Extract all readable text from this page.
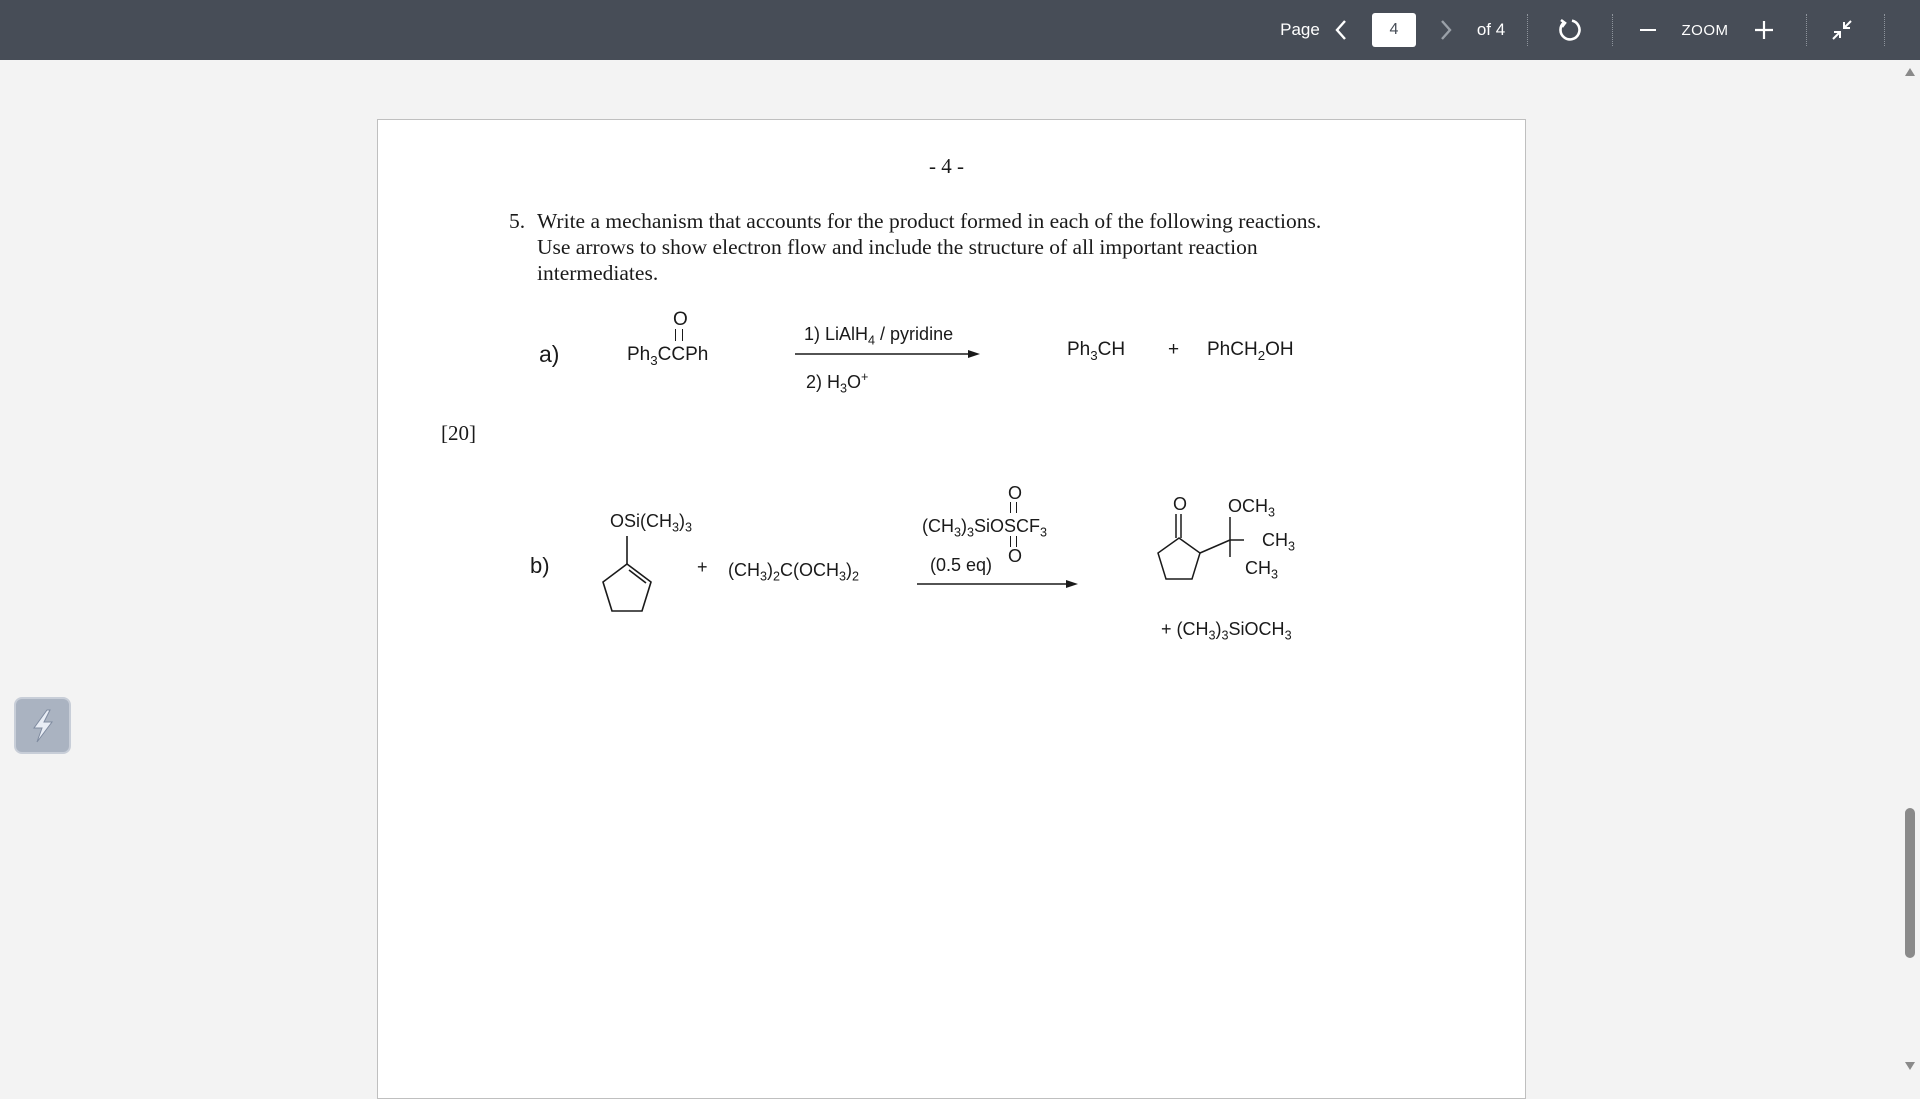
Page
4	of 4	ZOOM
- 4 -
5. Write a mechanism that accounts for the product formed in each of the following reactions.
Use arrows to show electron flow and include the structure of all important reaction
intermediates.
[20]
a)
O
$Ph_3CCPh$
1) LiAlH$_4$ / pyridine
2) $H_3O^+$
$Ph_3CH$ + PhCH$_2$OH
b)
$OSi(CH_3)_3$
+ $(CH_3)_2C(OCH_3)_2$
O
$(CH_3)_3SiOSCF_3$
O
(0.5 eq)
O $OCH_3$
$CH_3$
$CH_3$
+ $(CH_3)_3SiOCH_3$
